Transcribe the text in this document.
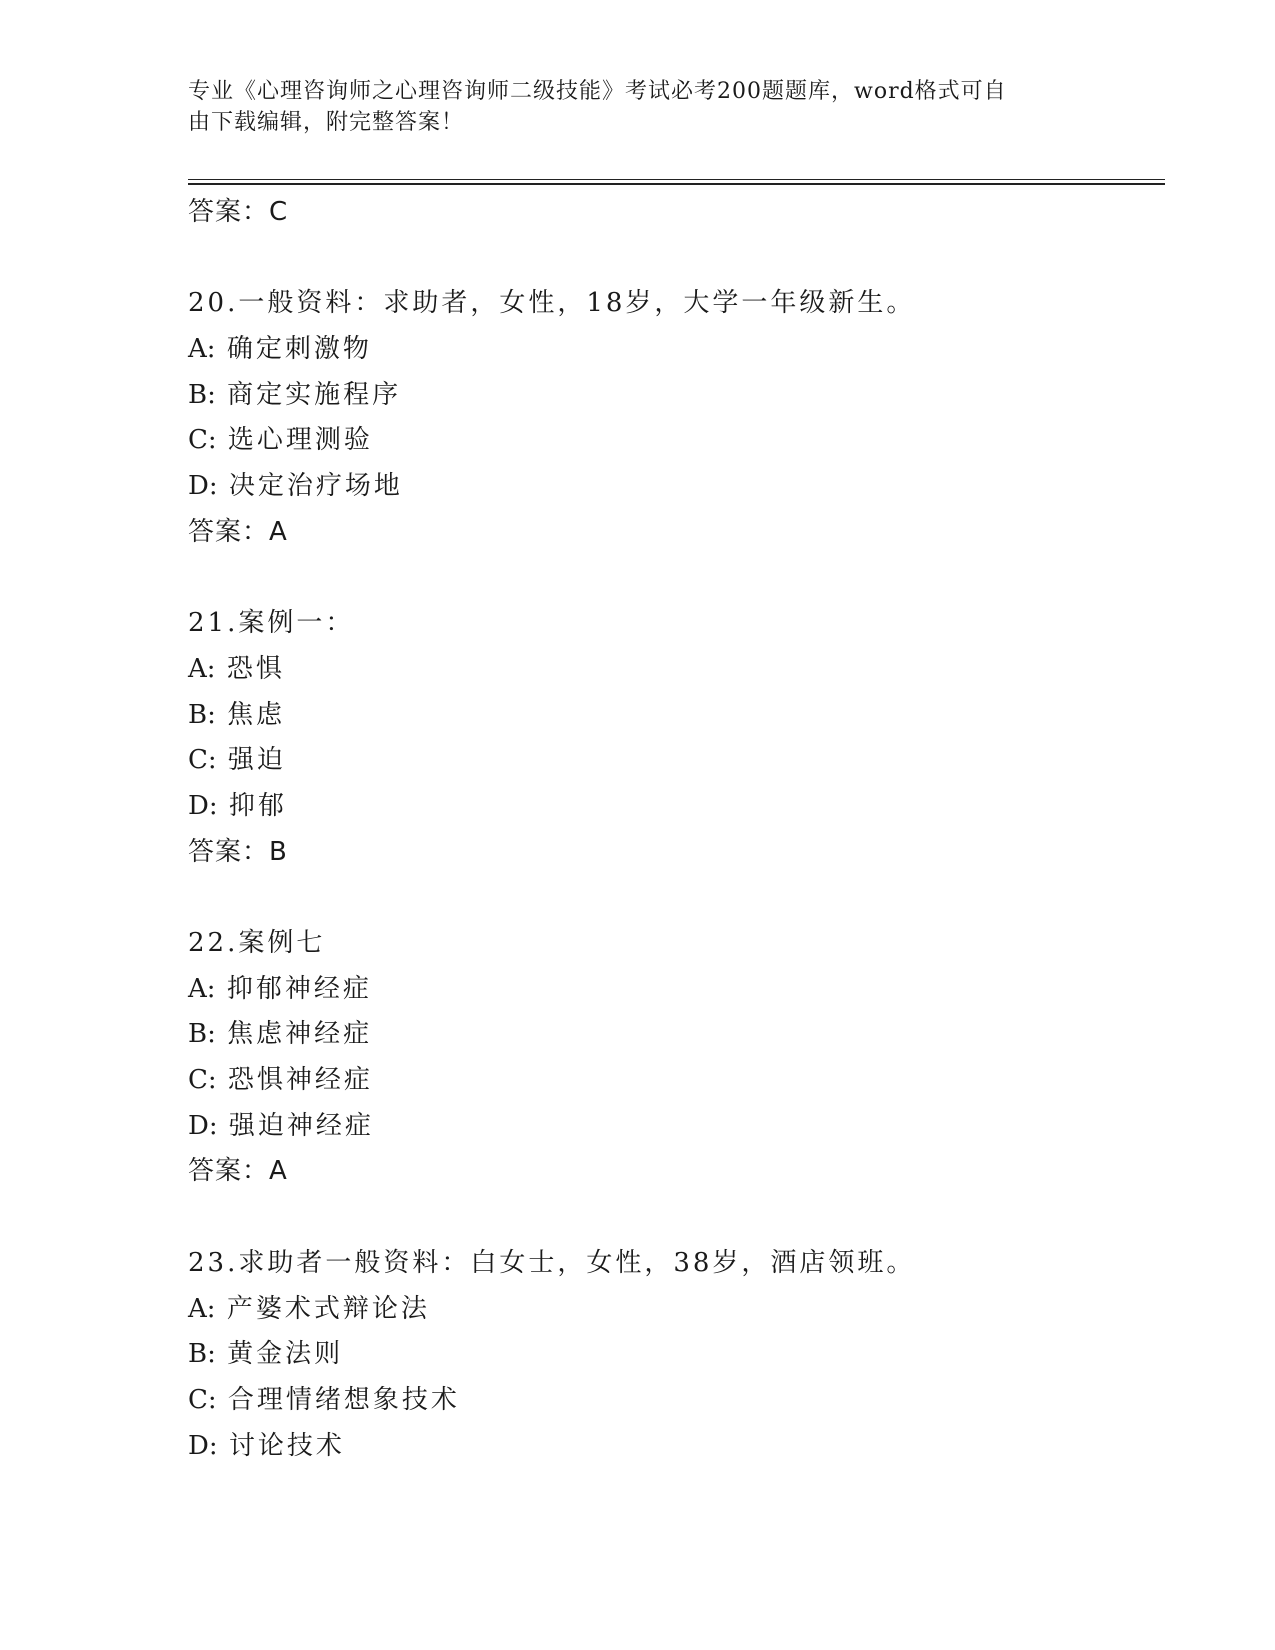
专业《心理咨询师之心理咨询师二级技能》考试必考200题题库，word格式可自
由下载编辑，附完整答案！
答案：C
20.一般资料：求助者，女性，18岁，大学一年级新生。
A: 确定刺激物
B: 商定实施程序
C: 选心理测验
D: 决定治疗场地
答案：A
21.案例一：
A: 恐惧
B: 焦虑
C: 强迫
D: 抑郁
答案：B
22.案例七
A: 抑郁神经症
B: 焦虑神经症
C: 恐惧神经症
D: 强迫神经症
答案：A
23.求助者一般资料：白女士，女性，38岁，酒店领班。
A: 产婆术式辩论法
B: 黄金法则
C: 合理情绪想象技术
D: 讨论技术
